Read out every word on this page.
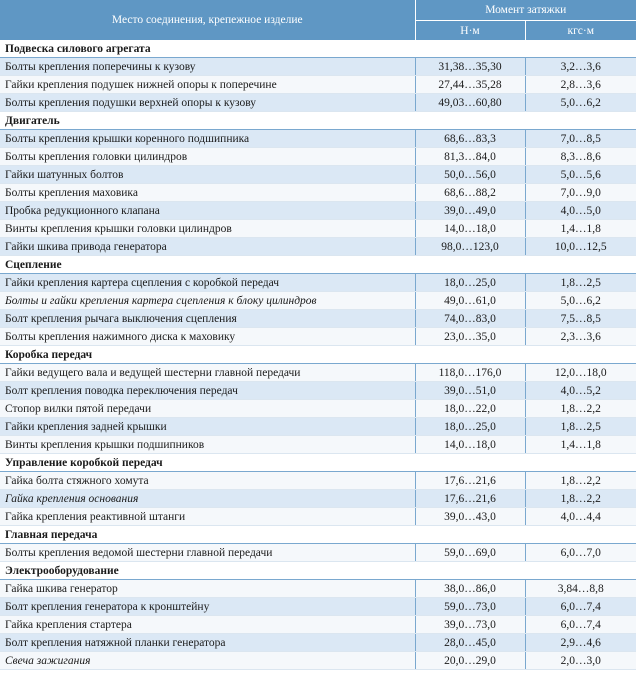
Место соединения, крепежное изделие	Момент затяжки	
	Н·м	кгс·м
Подвеска силового агрегата		
Болты крепления поперечины к кузову	31,38…35,30	3,2…3,6
Гайки крепления подушек нижней опоры к поперечине	27,44…35,28	2,8…3,6
Болты крепления подушки верхней опоры к кузову	49,03…60,80	5,0…6,2
Двигатель		
Болты крепления крышки коренного подшипника	68,6…83,3	7,0…8,5
Болты крепления головки цилиндров	81,3…84,0	8,3…8,6
Гайки шатунных болтов	50,0…56,0	5,0…5,6
Болты крепления маховика	68,6…88,2	7,0…9,0
Пробка редукционного клапана	39,0…49,0	4,0…5,0
Винты крепления крышки головки цилиндров	14,0…18,0	1,4…1,8
Гайки шкива привода генератора	98,0…123,0	10,0…12,5
Сцепление		
Гайки крепления картера сцепления с коробкой передач	18,0…25,0	1,8…2,5
Болты и гайки крепления картера сцепления к блоку цилиндров	49,0…61,0	5,0…6,2
Болт крепления рычага выключения сцепления	74,0…83,0	7,5…8,5
Болты крепления нажимного диска к маховику	23,0…35,0	2,3…3,6
Коробка передач		
Гайки ведущего вала и ведущей шестерни главной передачи	118,0…176,0	12,0…18,0
Болт крепления поводка переключения передач	39,0…51,0	4,0…5,2
Стопор вилки пятой передачи	18,0…22,0	1,8…2,2
Гайки крепления задней крышки	18,0…25,0	1,8…2,5
Винты крепления крышки подшипников	14,0…18,0	1,4…1,8
Управление коробкой передач		
Гайка болта стяжного хомута	17,6…21,6	1,8…2,2
Гайка крепления основания	17,6…21,6	1,8…2,2
Гайка крепления реактивной штанги	39,0…43,0	4,0…4,4
Главная передача		
Болты крепления ведомой шестерни главной передачи	59,0…69,0	6,0…7,0
Электрооборудование		
Гайка шкива генератор	38,0…86,0	3,84…8,8
Болт крепления генератора к кронштейну	59,0…73,0	6,0…7,4
Гайка крепления стартера	39,0…73,0	6,0…7,4
Болт крепления натяжной планки генератора	28,0…45,0	2,9…4,6
Свеча зажигания	20,0…29,0	2,0…3,0
